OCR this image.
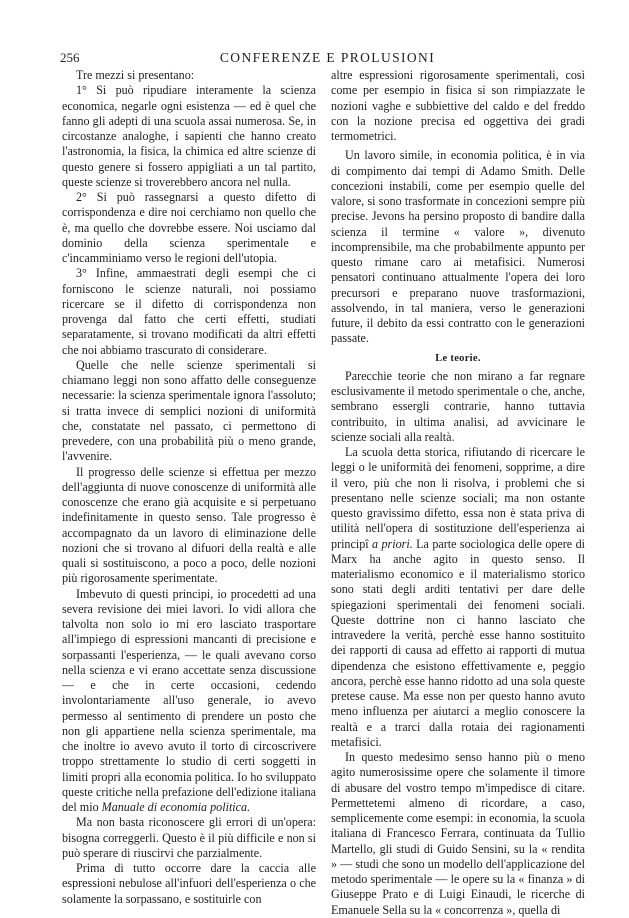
256	CONFERENZE E PROLUSIONI

Tre mezzi si presentano:

1° Si può ripudiare interamente la scienza economica, negarle ogni esistenza — ed è quel che fanno gli adepti di una scuola assai numerosa. Se, in circostanze analoghe, i sapienti che hanno creato l'astronomia, la fisica, la chimica ed altre scienze di questo genere si fossero appigliati a un tal partito, queste scienze si troverebbero ancora nel nulla.

2° Si può rassegnarsi a questo difetto di corrispondenza e dire noi cerchiamo non quello che è, ma quello che dovrebbe essere. Noi usciamo dal dominio della scienza sperimentale e c'incamminiamo verso le regioni dell'utopia.

3° Infine, ammaestrati degli esempi che ci forniscono le scienze naturali, noi possiamo ricercare se il difetto di corrispondenza non provenga dal fatto che certi effetti, studiati separatamente, si trovano modificati da altri effetti che noi abbiamo trascurato di considerare.

Quelle che nelle scienze sperimentali si chiamano leggi non sono affatto delle conseguenze necessarie: la scienza sperimentale ignora l'assoluto; si tratta invece di semplici nozioni di uniformità che, constatate nel passato, ci permettono di prevedere, con una probabilità più o meno grande, l'avvenire.

Il progresso delle scienze si effettua per mezzo dell'aggiunta di nuove conoscenze di uniformità alle conoscenze che erano già acquisite e si perpetuano indefinitamente in questo senso. Tale progresso è accompagnato da un lavoro di eliminazione delle nozioni che si trovano al difuori della realtà e alle quali si sostituiscono, a poco a poco, delle nozioni più rigorosamente sperimentate.

Imbevuto di questi principi, io procedetti ad una severa revisione dei miei lavori. Io vidi allora che talvolta non solo io mi ero lasciato trasportare all'impiego di espressioni mancanti di precisione e sorpassanti l'esperienza, — le quali avevano corso nella scienza e vi erano accettate senza discussione — e che in certe occasioni, cedendo involontariamente all'uso generale, io avevo permesso al sentimento di prendere un posto che non gli appartiene nella scienza sperimentale, ma che inoltre io avevo avuto il torto di circoscrivere troppo strettamente lo studio di certi soggetti in limiti propri alla economia politica. Io ho sviluppato queste critiche nella prefazione dell'edizione italiana del mio Manuale di economia politica.

Ma non basta riconoscere gli errori di un'opera: bisogna correggerli. Questo è il più difficile e non si può sperare di riuscirvi che parzialmente.

Prima di tutto occorre dare la caccia alle espressioni nebulose all'infuori dell'esperienza o che solamente la sorpassano, e sostituirle con

altre espressioni rigorosamente sperimentali, così come per esempio in fisica si son rimpiazzate le nozioni vaghe e subbiettive del caldo e del freddo con la nozione precisa ed oggettiva dei gradi termometrici.

Un lavoro simile, in economia politica, è in via di compimento dai tempi di Adamo Smith. Delle concezioni instabili, come per esempio quelle del valore, si sono trasformate in concezioni sempre più precise. Jevons ha persino proposto di bandire dalla scienza il termine « valore », divenuto incomprensibile, ma che probabilmente appunto per questo rimane caro ai metafisici. Numerosi pensatori continuano attualmente l'opera dei loro precursori e preparano nuove trasformazioni, assolvendo, in tal maniera, verso le generazioni future, il debito da essi contratto con le generazioni passate.

Le teorie.

Parecchie teorie che non mirano a far regnare esclusivamente il metodo sperimentale o che, anche, sembrano essergli contrarie, hanno tuttavia contribuito, in ultima analisi, ad avvicinare le scienze sociali alla realtà.

La scuola detta storica, rifiutando di ricercare le leggi o le uniformità dei fenomeni, sopprime, a dire il vero, più che non li risolva, i problemi che si presentano nelle scienze sociali; ma non ostante questo gravissimo difetto, essa non è stata priva di utilità nell'opera di sostituzione dell'esperienza ai principî a priori. La parte sociologica delle opere di Marx ha anche agito in questo senso. Il materialismo economico e il materialismo storico sono stati degli arditi tentativi per dare delle spiegazioni sperimentali dei fenomeni sociali. Queste dottrine non ci hanno lasciato che intravedere la verità, perchè esse hanno sostituito dei rapporti di causa ad effetto ai rapporti di mutua dipendenza che esistono effettivamente e, peggio ancora, perchè esse hanno ridotto ad una sola queste pretese cause. Ma esse non per questo hanno avuto meno influenza per aiutarci a meglio conoscere la realtà e a trarci dalla rotaia dei ragionamenti metafisici.

In questo medesimo senso hanno più o meno agito numerosissime opere che solamente il timore di abusare del vostro tempo m'impedisce di citare. Permettetemi almeno di ricordare, a caso, semplicemente come esempi: in economia, la scuola italiana di Francesco Ferrara, continuata da Tullio Martello, gli studi di Guido Sensini, su la « rendita » — studi che sono un modello dell'applicazione del metodo sperimentale — le opere su la « finanza » di Giuseppe Prato e di Luigi Einaudi, le ricerche di Emanuele Sella su la « concorrenza », quella di
